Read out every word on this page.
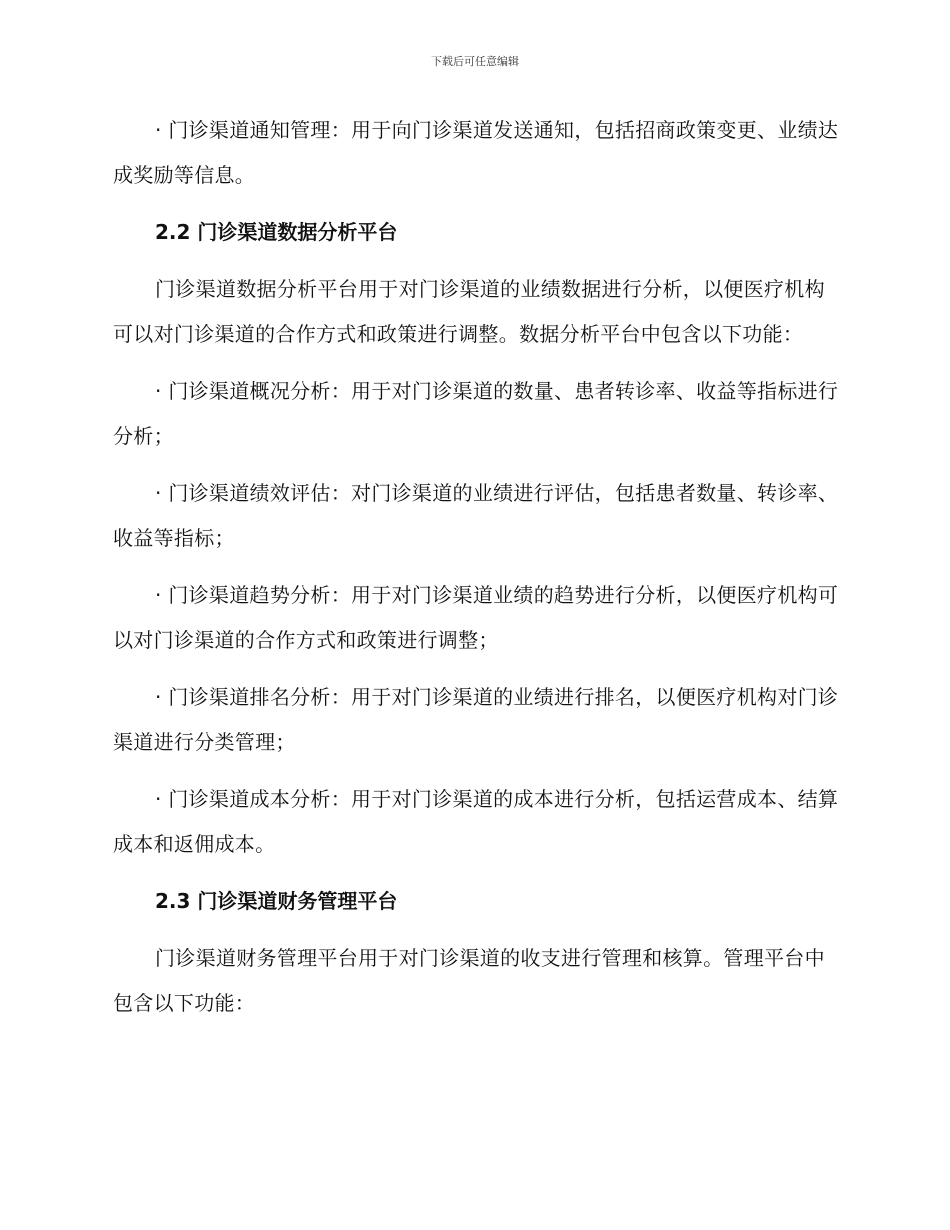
下载后可任意编辑

· 门诊渠道通知管理：用于向门诊渠道发送通知，包括招商政策变更、业绩达成奖励等信息。

2.2 门诊渠道数据分析平台

门诊渠道数据分析平台用于对门诊渠道的业绩数据进行分析，以便医疗机构可以对门诊渠道的合作方式和政策进行调整。数据分析平台中包含以下功能：

· 门诊渠道概况分析：用于对门诊渠道的数量、患者转诊率、收益等指标进行分析；

· 门诊渠道绩效评估：对门诊渠道的业绩进行评估，包括患者数量、转诊率、收益等指标；

· 门诊渠道趋势分析：用于对门诊渠道业绩的趋势进行分析，以便医疗机构可以对门诊渠道的合作方式和政策进行调整；

· 门诊渠道排名分析：用于对门诊渠道的业绩进行排名，以便医疗机构对门诊渠道进行分类管理；

· 门诊渠道成本分析：用于对门诊渠道的成本进行分析，包括运营成本、结算成本和返佣成本。

2.3 门诊渠道财务管理平台

门诊渠道财务管理平台用于对门诊渠道的收支进行管理和核算。管理平台中包含以下功能：
